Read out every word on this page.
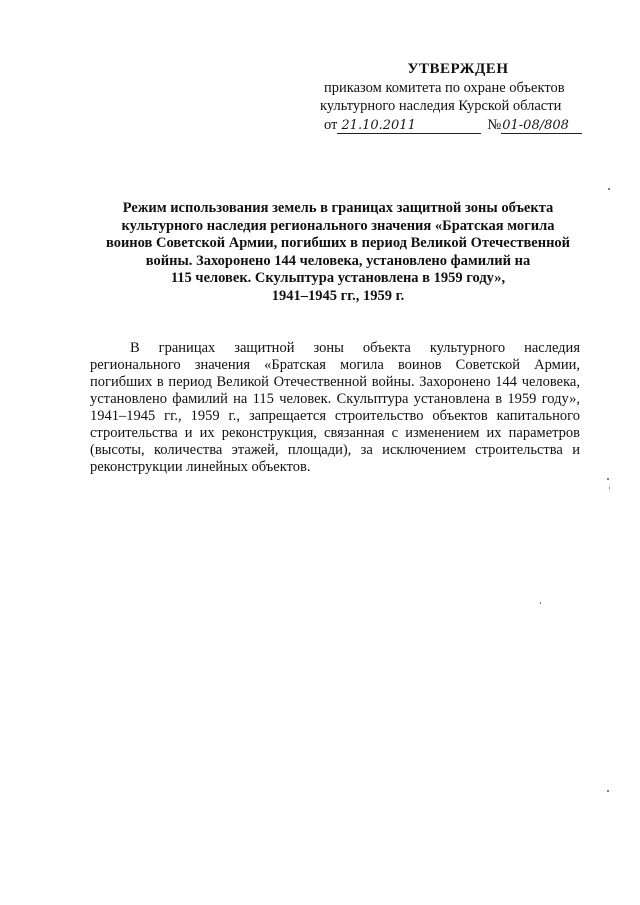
УТВЕРЖДЕН
приказом комитета по охране объектов
культурного наследия Курской области
от 21.10.2011	№ 01-08/808
Режим использования земель в границах защитной зоны объекта
культурного наследия регионального значения «Братская могила
воинов Советской Армии, погибших в период Великой Отечественной
войны. Захоронено 144 человека, установлено фамилий на
115 человек. Скульптура установлена в 1959 году»,
1941–1945 гг., 1959 г.

В границах защитной зоны объекта культурного наследия регионального значения «Братская могила воинов Советской Армии, погибших в период Великой Отечественной войны. Захоронено 144 человека, установлено фамилий на 115 человек. Скульптура установлена в 1959 году», 1941–1945 гг., 1959 г., запрещается строительство объектов капитального строительства и их реконструкция, связанная с изменением их параметров (высоты, количества этажей, площади), за исключением строительства и реконструкции линейных объектов.
